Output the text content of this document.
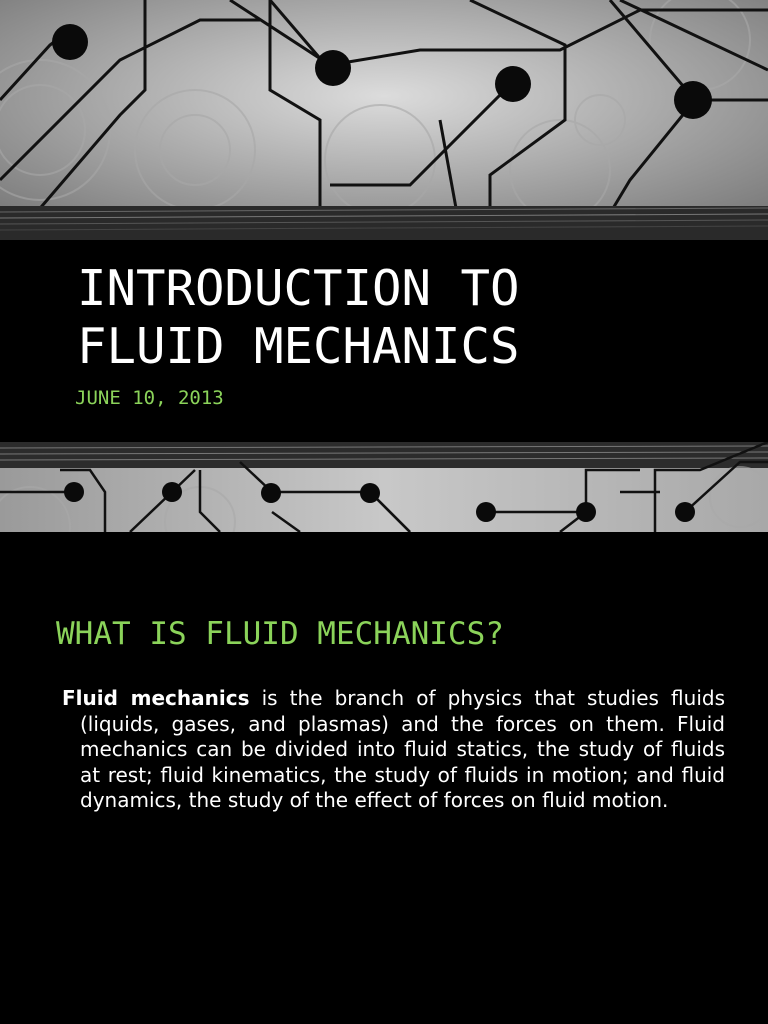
INTRODUCTION TO
FLUID MECHANICS

JUNE 10, 2013

WHAT IS FLUID MECHANICS?

Fluid mechanics is the branch of physics that studies fluids (liquids, gases, and plasmas) and the forces on them. Fluid mechanics can be divided into fluid statics, the study of fluids at rest; fluid kinematics, the study of fluids in motion; and fluid dynamics, the study of the effect of forces on fluid motion.
